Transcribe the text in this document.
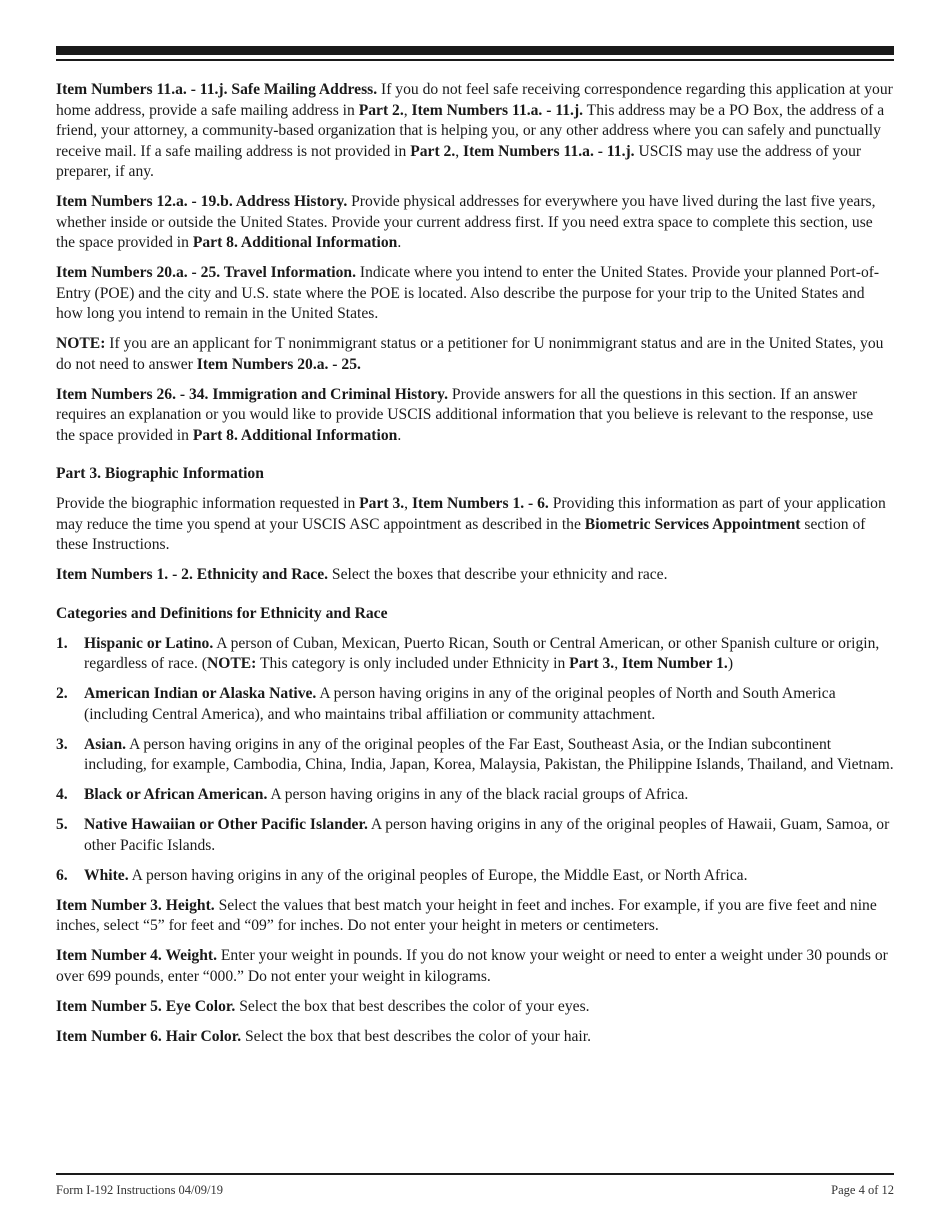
Item Numbers 11.a. - 11.j. Safe Mailing Address. If you do not feel safe receiving correspondence regarding this application at your home address, provide a safe mailing address in Part 2., Item Numbers 11.a. - 11.j. This address may be a PO Box, the address of a friend, your attorney, a community-based organization that is helping you, or any other address where you can safely and punctually receive mail. If a safe mailing address is not provided in Part 2., Item Numbers 11.a. - 11.j. USCIS may use the address of your preparer, if any.

Item Numbers 12.a. - 19.b. Address History. Provide physical addresses for everywhere you have lived during the last five years, whether inside or outside the United States. Provide your current address first. If you need extra space to complete this section, use the space provided in Part 8. Additional Information.

Item Numbers 20.a. - 25. Travel Information. Indicate where you intend to enter the United States. Provide your planned Port-of-Entry (POE) and the city and U.S. state where the POE is located. Also describe the purpose for your trip to the United States and how long you intend to remain in the United States.

NOTE: If you are an applicant for T nonimmigrant status or a petitioner for U nonimmigrant status and are in the United States, you do not need to answer Item Numbers 20.a. - 25.

Item Numbers 26. - 34. Immigration and Criminal History. Provide answers for all the questions in this section. If an answer requires an explanation or you would like to provide USCIS additional information that you believe is relevant to the response, use the space provided in Part 8. Additional Information.

Part 3. Biographic Information

Provide the biographic information requested in Part 3., Item Numbers 1. - 6. Providing this information as part of your application may reduce the time you spend at your USCIS ASC appointment as described in the Biometric Services Appointment section of these Instructions.

Item Numbers 1. - 2. Ethnicity and Race. Select the boxes that describe your ethnicity and race.

Categories and Definitions for Ethnicity and Race

1. Hispanic or Latino. A person of Cuban, Mexican, Puerto Rican, South or Central American, or other Spanish culture or origin, regardless of race. (NOTE: This category is only included under Ethnicity in Part 3., Item Number 1.)
2. American Indian or Alaska Native. A person having origins in any of the original peoples of North and South America (including Central America), and who maintains tribal affiliation or community attachment.
3. Asian. A person having origins in any of the original peoples of the Far East, Southeast Asia, or the Indian subcontinent including, for example, Cambodia, China, India, Japan, Korea, Malaysia, Pakistan, the Philippine Islands, Thailand, and Vietnam.
4. Black or African American. A person having origins in any of the black racial groups of Africa.
5. Native Hawaiian or Other Pacific Islander. A person having origins in any of the original peoples of Hawaii, Guam, Samoa, or other Pacific Islands.
6. White. A person having origins in any of the original peoples of Europe, the Middle East, or North Africa.

Item Number 3. Height. Select the values that best match your height in feet and inches. For example, if you are five feet and nine inches, select “5” for feet and “09” for inches. Do not enter your height in meters or centimeters.

Item Number 4. Weight. Enter your weight in pounds. If you do not know your weight or need to enter a weight under 30 pounds or over 699 pounds, enter “000.” Do not enter your weight in kilograms.

Item Number 5. Eye Color. Select the box that best describes the color of your eyes.

Item Number 6. Hair Color. Select the box that best describes the color of your hair.

Form I-192 Instructions 04/09/19	Page 4 of 12
